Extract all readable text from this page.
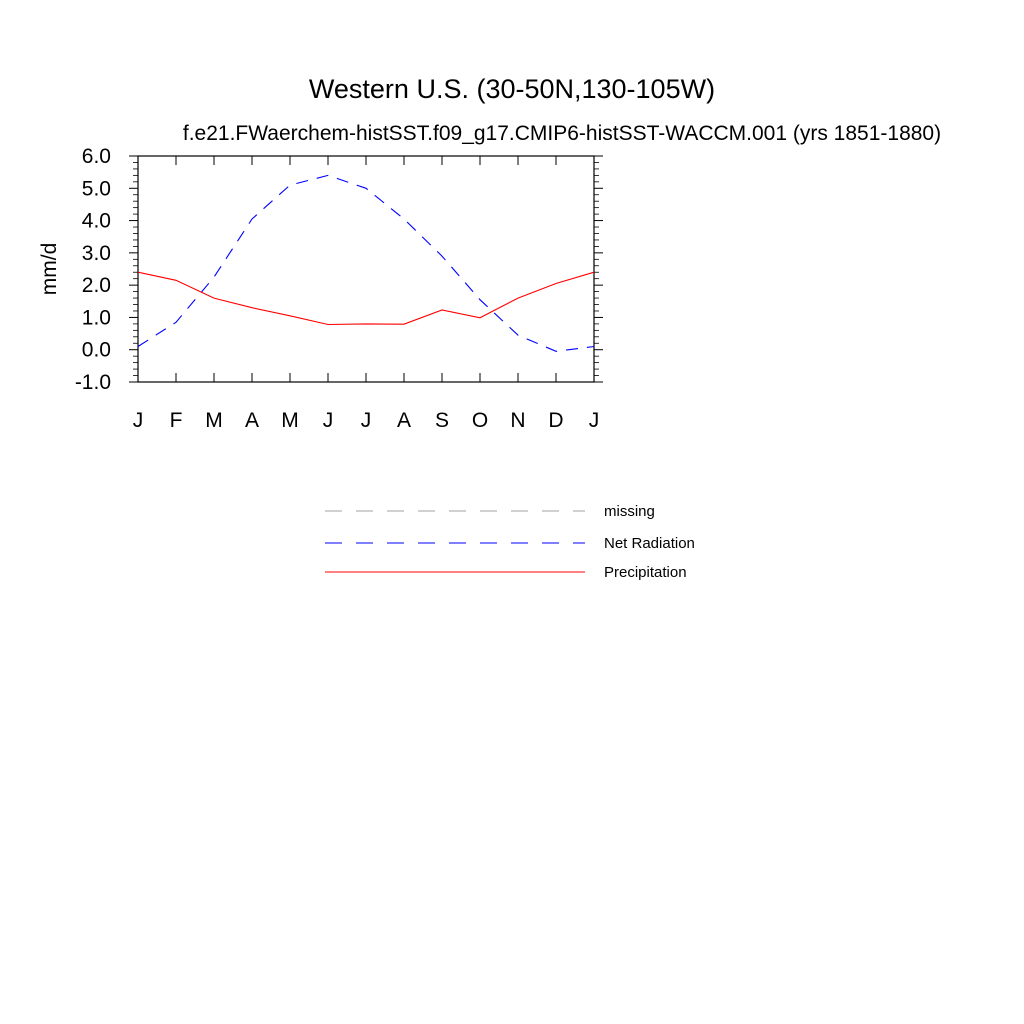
Western U.S. (30-50N,130-105W)
f.e21.FWaerchem-histSST.f09_g17.CMIP6-histSST-WACCM.001 (yrs 1851-1880)
mm/d
J F M A M J J A S O N D J
-1.0
0.0
1.0
2.0
3.0
4.0
5.0
6.0
missing
Net Radiation
Precipitation
